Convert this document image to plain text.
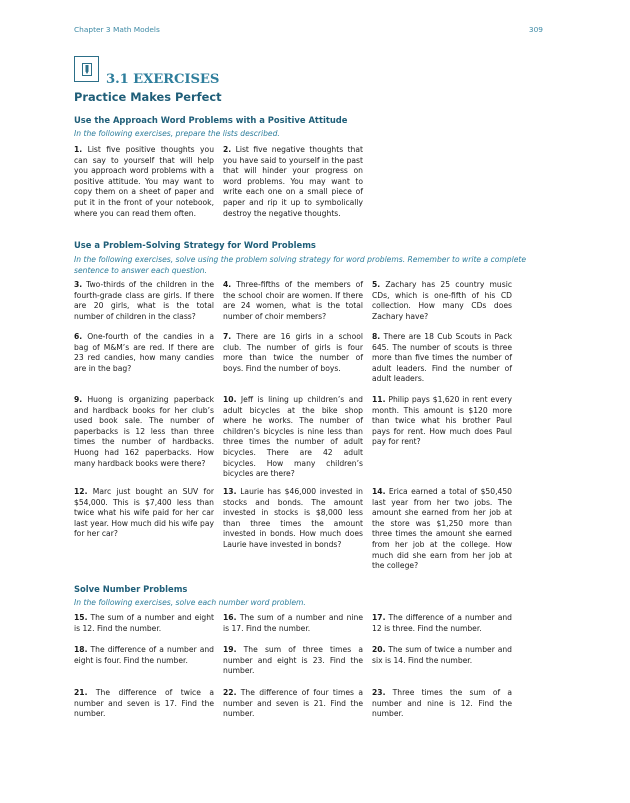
Chapter 3 Math Models	309
3.1 EXERCISES
Practice Makes Perfect
Use the Approach Word Problems with a Positive Attitude
In the following exercises, prepare the lists described.
1. List five positive thoughts you can say to yourself that will help you approach word problems with a positive attitude. You may want to copy them on a sheet of paper and put it in the front of your notebook, where you can read them often.
2. List five negative thoughts that you have said to yourself in the past that will hinder your progress on word problems. You may want to write each one on a small piece of paper and rip it up to symbolically destroy the negative thoughts.
Use a Problem-Solving Strategy for Word Problems
In the following exercises, solve using the problem solving strategy for word problems. Remember to write a complete sentence to answer each question.
3. Two-thirds of the children in the fourth-grade class are girls. If there are 20 girls, what is the total number of children in the class?
4. Three-fifths of the members of the school choir are women. If there are 24 women, what is the total number of choir members?
5. Zachary has 25 country music CDs, which is one-fifth of his CD collection. How many CDs does Zachary have?
6. One-fourth of the candies in a bag of M&M’s are red. If there are 23 red candies, how many candies are in the bag?
7. There are 16 girls in a school club. The number of girls is four more than twice the number of boys. Find the number of boys.
8. There are 18 Cub Scouts in Pack 645. The number of scouts is three more than five times the number of adult leaders. Find the number of adult leaders.
9. Huong is organizing paperback and hardback books for her club’s used book sale. The number of paperbacks is 12 less than three times the number of hardbacks. Huong had 162 paperbacks. How many hardback books were there?
10. Jeff is lining up children’s and adult bicycles at the bike shop where he works. The number of children’s bicycles is nine less than three times the number of adult bicycles. There are 42 adult bicycles. How many children’s bicycles are there?
11. Philip pays $1,620 in rent every month. This amount is $120 more than twice what his brother Paul pays for rent. How much does Paul pay for rent?
12. Marc just bought an SUV for $54,000. This is $7,400 less than twice what his wife paid for her car last year. How much did his wife pay for her car?
13. Laurie has $46,000 invested in stocks and bonds. The amount invested in stocks is $8,000 less than three times the amount invested in bonds. How much does Laurie have invested in bonds?
14. Erica earned a total of $50,450 last year from her two jobs. The amount she earned from her job at the store was $1,250 more than three times the amount she earned from her job at the college. How much did she earn from her job at the college?
Solve Number Problems
In the following exercises, solve each number word problem.
15. The sum of a number and eight is 12. Find the number.
16. The sum of a number and nine is 17. Find the number.
17. The difference of a number and 12 is three. Find the number.
18. The difference of a number and eight is four. Find the number.
19. The sum of three times a number and eight is 23. Find the number.
20. The sum of twice a number and six is 14. Find the number.
21. The difference of twice a number and seven is 17. Find the number.
22. The difference of four times a number and seven is 21. Find the number.
23. Three times the sum of a number and nine is 12. Find the number.
